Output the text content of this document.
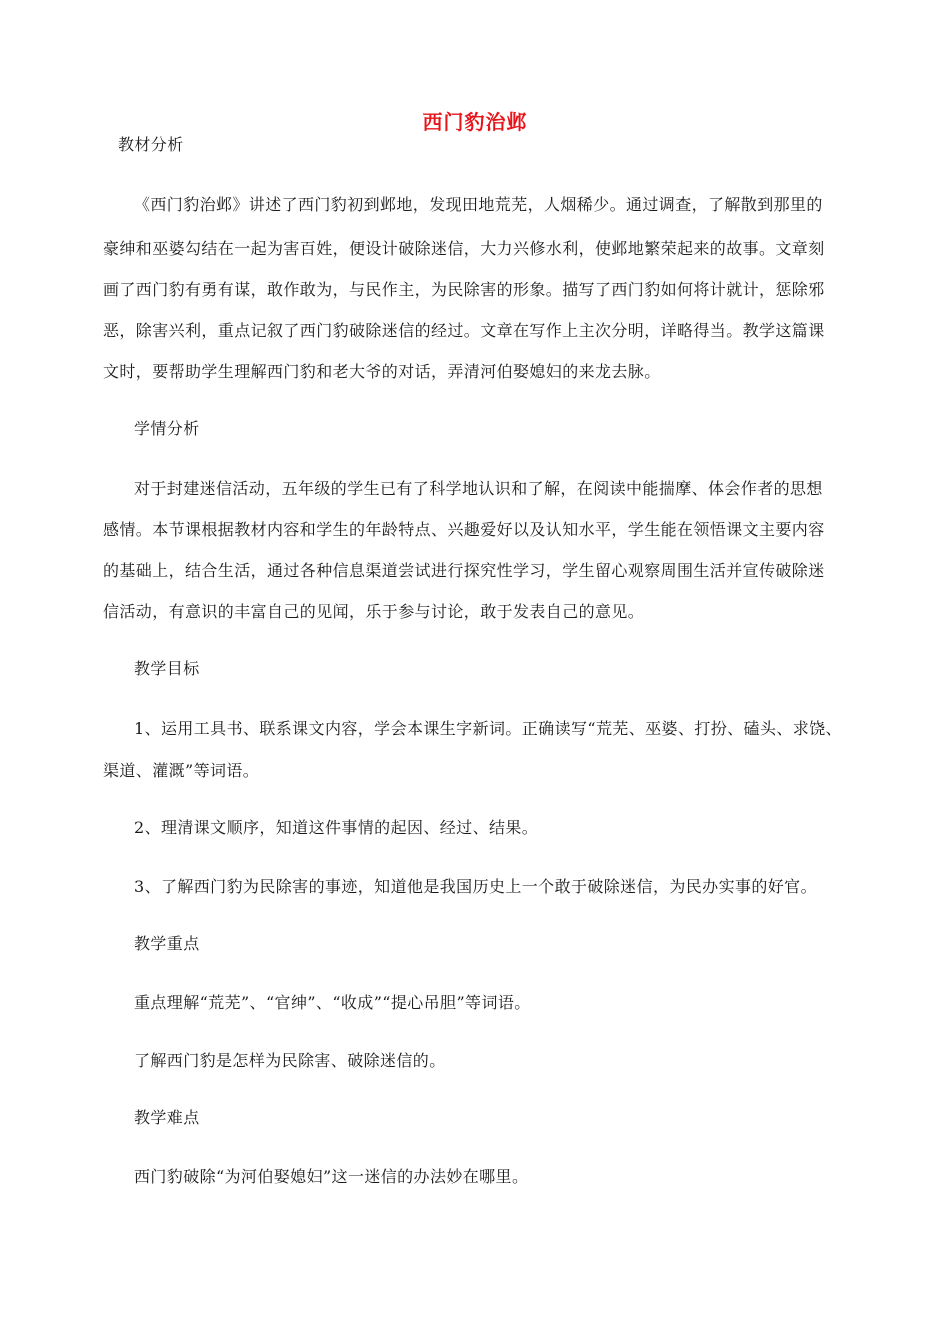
西门豹治邺
教材分析
《西门豹治邺》讲述了西门豹初到邺地，发现田地荒芜，人烟稀少。通过调查，了解散到那里的
豪绅和巫婆勾结在一起为害百姓，便设计破除迷信，大力兴修水利，使邺地繁荣起来的故事。文章刻
画了西门豹有勇有谋，敢作敢为，与民作主，为民除害的形象。描写了西门豹如何将计就计，惩除邪
恶，除害兴利，重点记叙了西门豹破除迷信的经过。文章在写作上主次分明，详略得当。教学这篇课
文时，要帮助学生理解西门豹和老大爷的对话，弄清河伯娶媳妇的来龙去脉。
学情分析
对于封建迷信活动，五年级的学生已有了科学地认识和了解，在阅读中能揣摩、体会作者的思想
感情。本节课根据教材内容和学生的年龄特点、兴趣爱好以及认知水平，学生能在领悟课文主要内容
的基础上，结合生活，通过各种信息渠道尝试进行探究性学习，学生留心观察周围生活并宣传破除迷
信活动，有意识的丰富自己的见闻，乐于参与讨论，敢于发表自己的意见。
教学目标
1、运用工具书、联系课文内容，学会本课生字新词。正确读写“荒芜、巫婆、打扮、磕头、求饶、
渠道、灌溉”等词语。
2、理清课文顺序，知道这件事情的起因、经过、结果。
3、了解西门豹为民除害的事迹，知道他是我国历史上一个敢于破除迷信，为民办实事的好官。
教学重点
重点理解“荒芜”、“官绅”、“收成”“提心吊胆”等词语。
了解西门豹是怎样为民除害、破除迷信的。
教学难点
西门豹破除“为河伯娶媳妇”这一迷信的办法妙在哪里。
